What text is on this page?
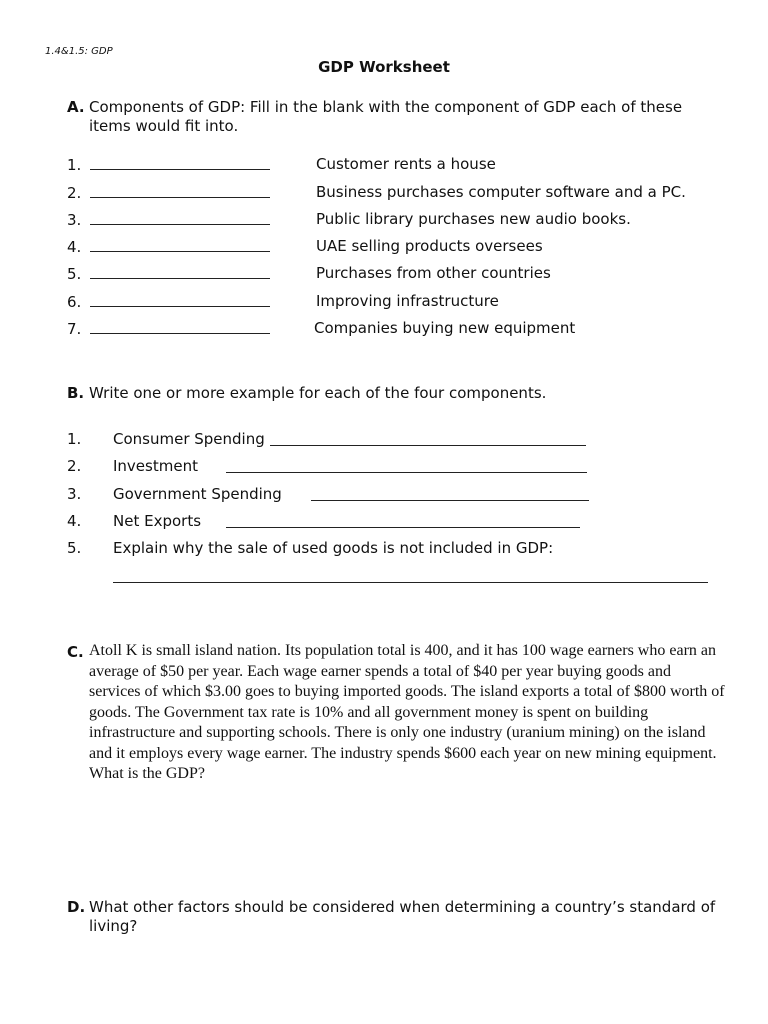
1.4&1.5: GDP
GDP Worksheet
A. Components of GDP: Fill in the blank with the component of GDP each of these items would fit into.
1.	Customer rents a house
2.	Business purchases computer software and a PC.
3.	Public library purchases new audio books.
4.	UAE selling products oversees
5.	Purchases from other countries
6.	Improving infrastructure
7.	Companies buying new equipment
B. Write one or more example for each of the four components.
1. Consumer Spending
2. Investment
3. Government Spending
4. Net Exports
5. Explain why the sale of used goods is not included in GDP:
C. Atoll K is small island nation. Its population total is 400, and it has 100 wage earners who earn an average of $50 per year. Each wage earner spends a total of $40 per year buying goods and services of which $3.00 goes to buying imported goods. The island exports a total of $800 worth of goods. The Government tax rate is 10% and all government money is spent on building infrastructure and supporting schools. There is only one industry (uranium mining) on the island and it employs every wage earner. The industry spends $600 each year on new mining equipment. What is the GDP?
D. What other factors should be considered when determining a country’s standard of living?
